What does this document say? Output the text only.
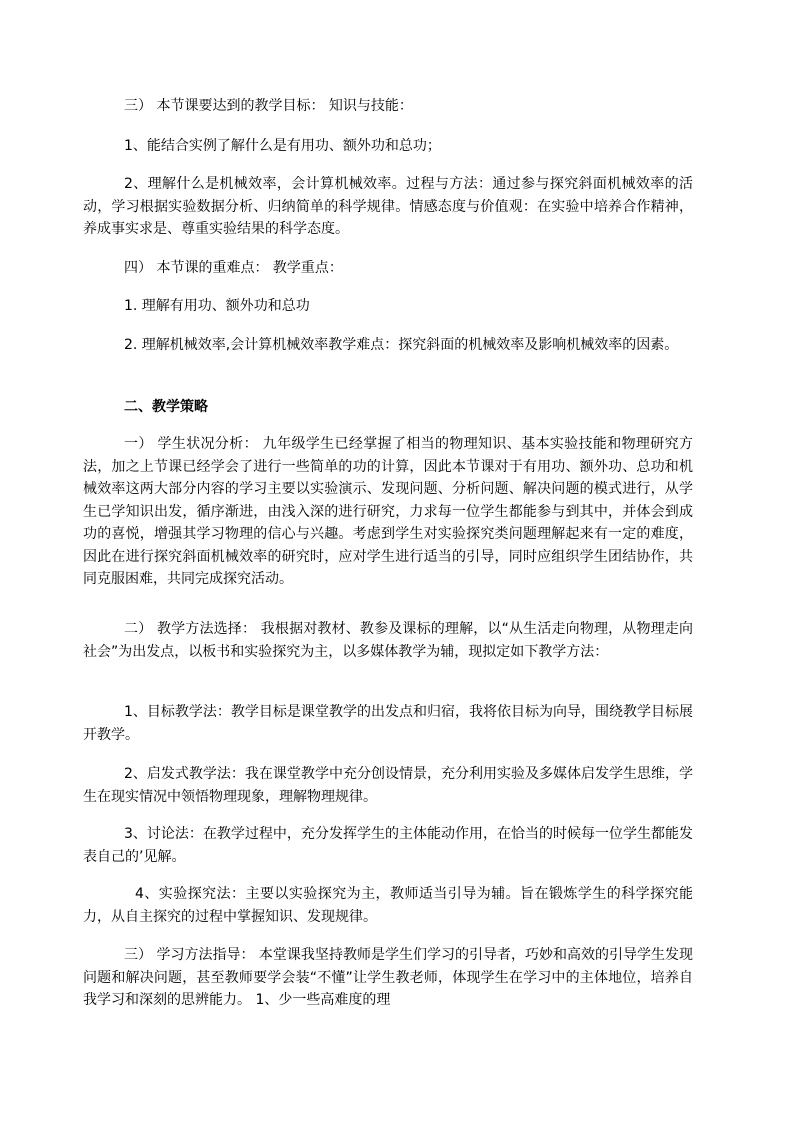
三） 本节课要达到的教学目标： 知识与技能：

1、能结合实例了解什么是有用功、额外功和总功；

2、理解什么是机械效率，会计算机械效率。过程与方法：通过参与探究斜面机械效率的活动，学习根据实验数据分析、归纳简单的科学规律。情感态度与价值观：在实验中培养合作精神，养成事实求是、尊重实验结果的科学态度。

四） 本节课的重难点： 教学重点：

1. 理解有用功、额外功和总功

2. 理解机械效率,会计算机械效率教学难点：探究斜面的机械效率及影响机械效率的因素。

二、教学策略

一） 学生状况分析： 九年级学生已经掌握了相当的物理知识、基本实验技能和物理研究方法，加之上节课已经学会了进行一些简单的功的计算，因此本节课对于有用功、额外功、总功和机械效率这两大部分内容的学习主要以实验演示、发现问题、分析问题、解决问题的模式进行，从学生已学知识出发，循序渐进，由浅入深的进行研究，力求每一位学生都能参与到其中，并体会到成功的喜悦，增强其学习物理的信心与兴趣。考虑到学生对实验探究类问题理解起来有一定的难度，因此在进行探究斜面机械效率的研究时，应对学生进行适当的引导，同时应组织学生团结协作，共同克服困难，共同完成探究活动。

二） 教学方法选择： 我根据对教材、教参及课标的理解，以“从生活走向物理，从物理走向社会”为出发点，以板书和实验探究为主，以多媒体教学为辅，现拟定如下教学方法：

1、目标教学法：教学目标是课堂教学的出发点和归宿，我将依目标为向导，围绕教学目标展开教学。

2、启发式教学法：我在课堂教学中充分创设情景，充分利用实验及多媒体启发学生思维，学生在现实情况中领悟物理现象，理解物理规律。

3、讨论法：在教学过程中，充分发挥学生的主体能动作用，在恰当的时候每一位学生都能发表自己的’见解。

4、实验探究法：主要以实验探究为主，教师适当引导为辅。旨在锻炼学生的科学探究能力，从自主探究的过程中掌握知识、发现规律。

三） 学习方法指导： 本堂课我坚持教师是学生们学习的引导者，巧妙和高效的引导学生发现问题和解决问题，甚至教师要学会装“不懂”让学生教老师，体现学生在学习中的主体地位，培养自我学习和深刻的思辨能力。 1、少一些高难度的理
